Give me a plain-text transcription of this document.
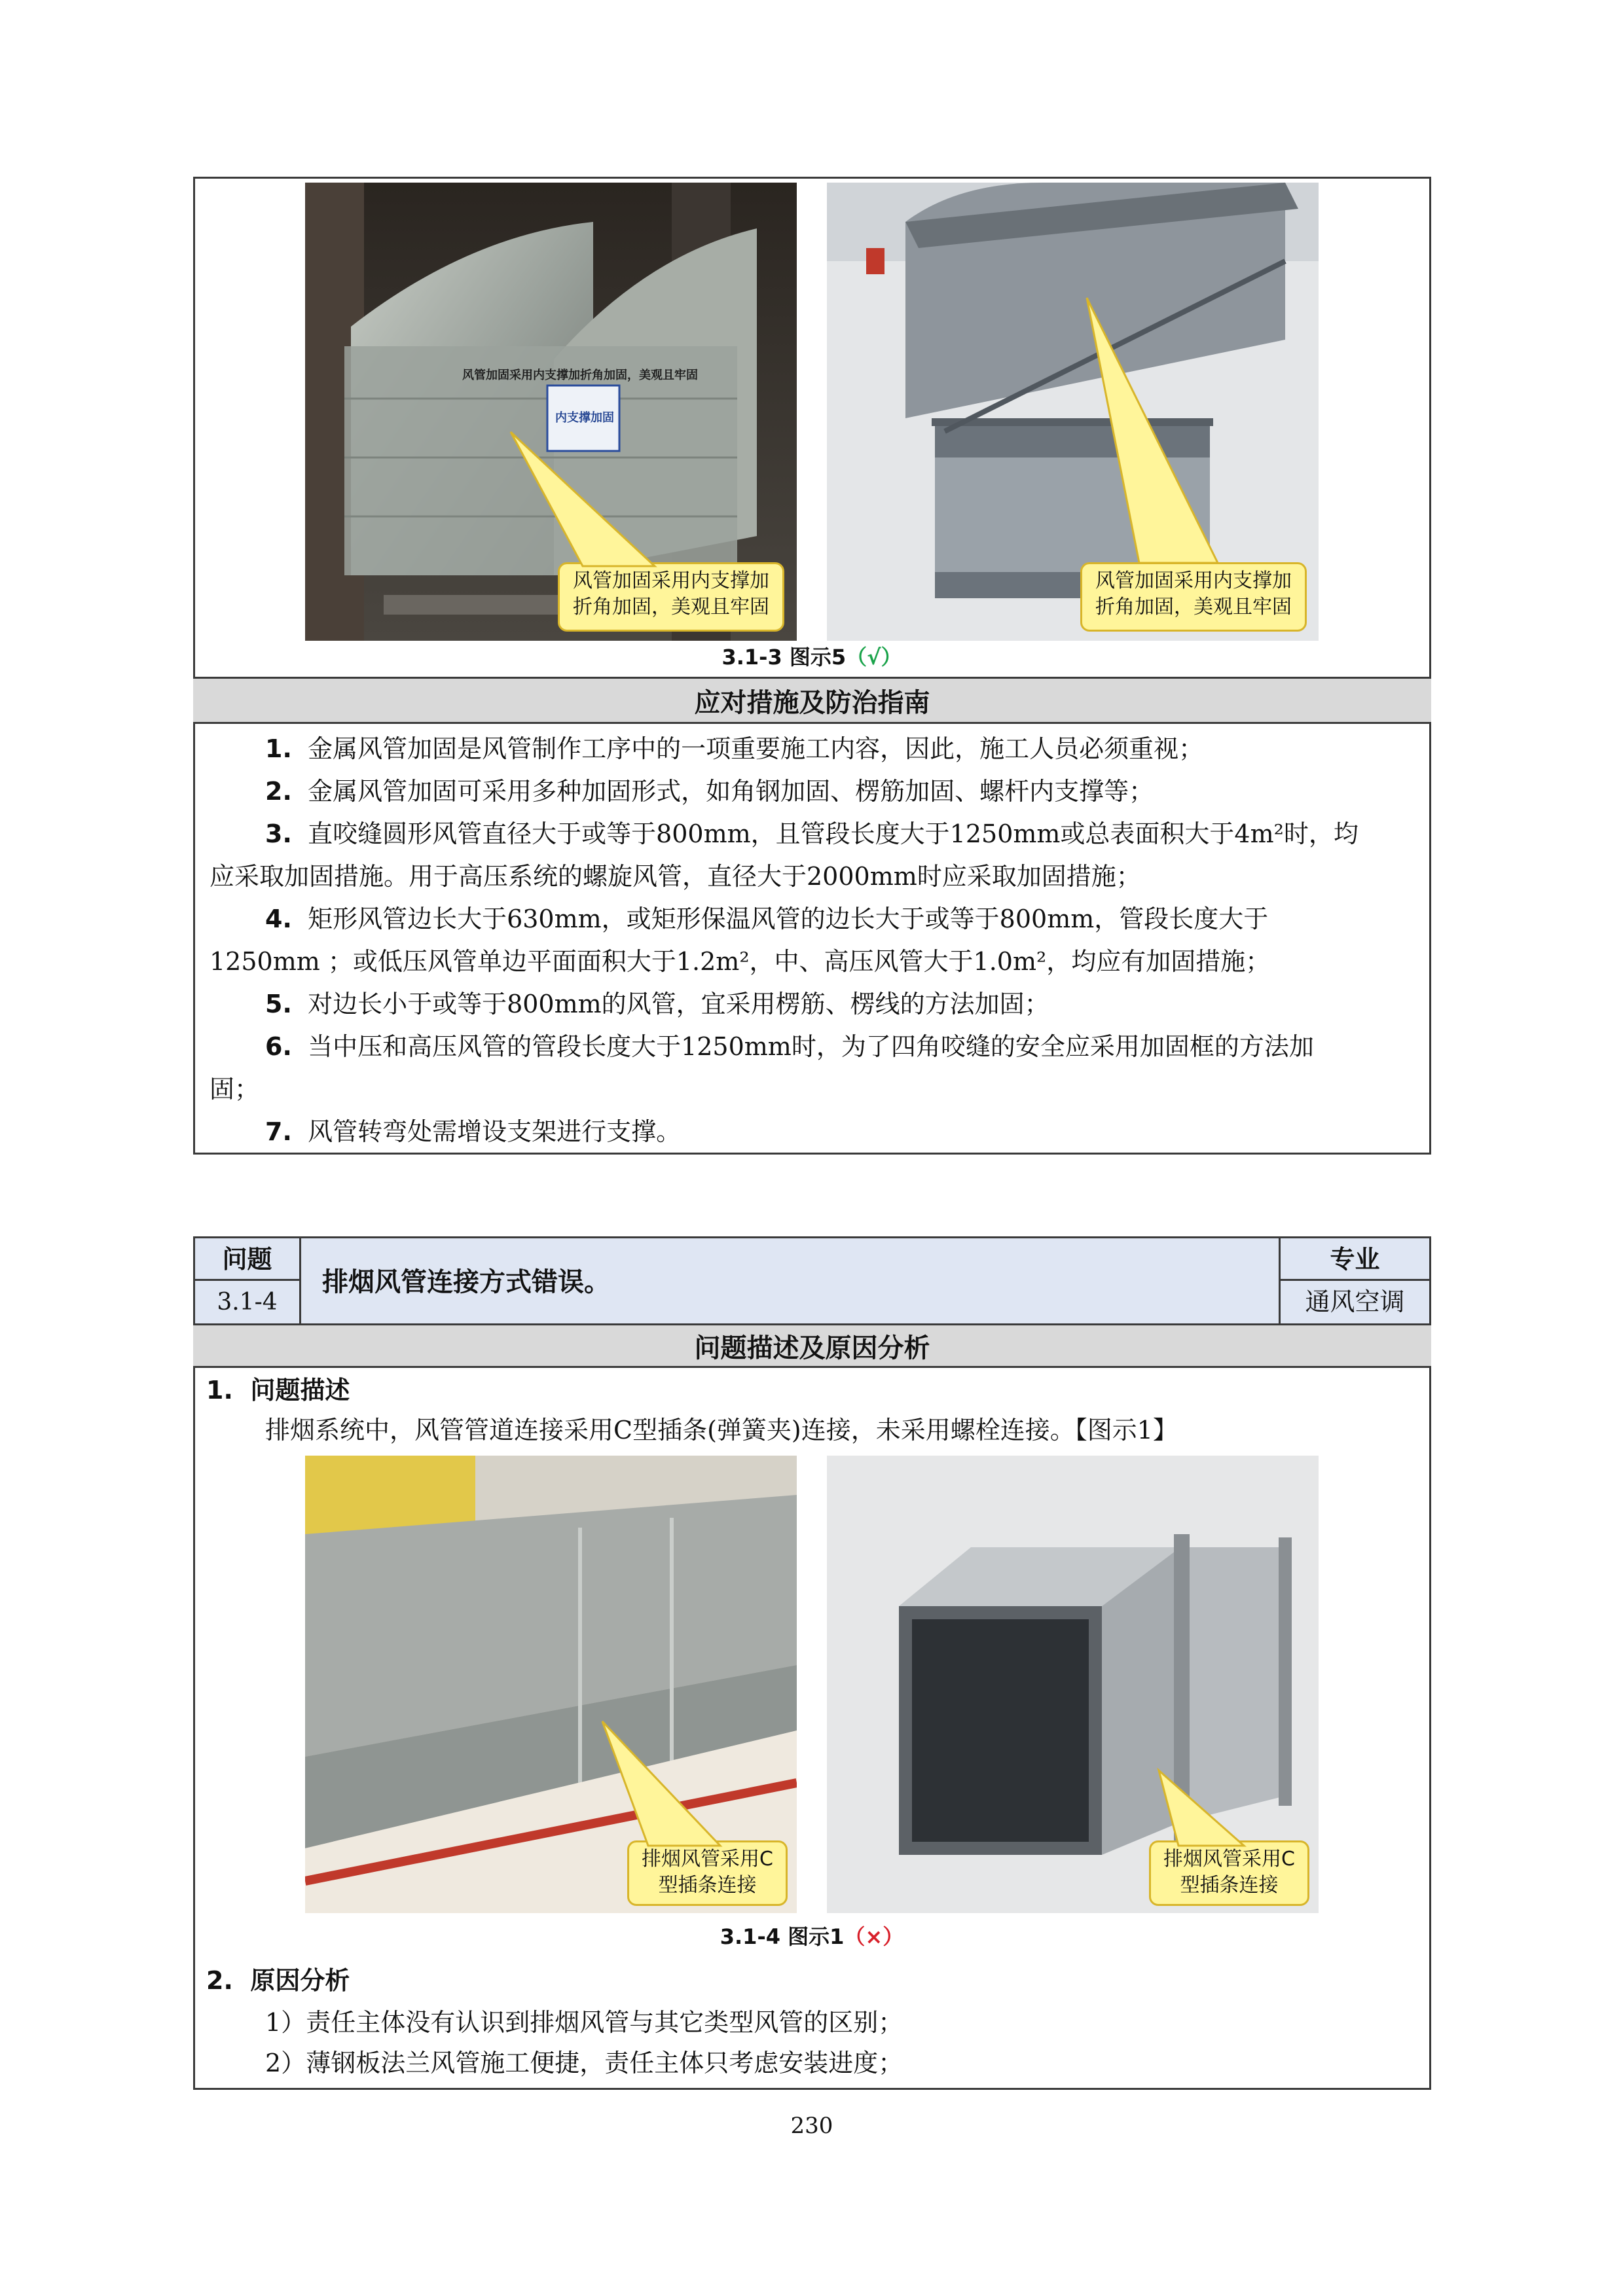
风管加固采用内支撑加折角加固，美观且牢固
内支撑加固
风管加固采用内支撑加折角加固，美观且牢固
风管加固采用内支撑加折角加固，美观且牢固
3.1-3 图示5（√）
应对措施及防治指南
1. 金属风管加固是风管制作工序中的一项重要施工内容，因此，施工人员必须重视；
2. 金属风管加固可采用多种加固形式，如角钢加固、楞筋加固、螺杆内支撑等；
3. 直咬缝圆形风管直径大于或等于800mm，且管段长度大于1250mm或总表面积大于4m²时，均
应采取加固措施。用于高压系统的螺旋风管，直径大于2000mm时应采取加固措施；
4. 矩形风管边长大于630mm，或矩形保温风管的边长大于或等于800mm，管段长度大于
1250mm ；或低压风管单边平面面积大于1.2m²，中、高压风管大于1.0m²，均应有加固措施；
5. 对边长小于或等于800mm的风管，宜采用楞筋、楞线的方法加固；
6. 当中压和高压风管的管段长度大于1250mm时，为了四角咬缝的安全应采用加固框的方法加
固；
7. 风管转弯处需增设支架进行支撑。
问题
3.1-4
排烟风管连接方式错误。
专业
通风空调
问题描述及原因分析
1. 问题描述
排烟系统中，风管管道连接采用C型插条(弹簧夹)连接，未采用螺栓连接。【图示1】
排烟风管采用C型插条连接
排烟风管采用C型插条连接
3.1-4 图示1（×）
2. 原因分析
1）责任主体没有认识到排烟风管与其它类型风管的区别；
2）薄钢板法兰风管施工便捷，责任主体只考虑安装进度；
230
